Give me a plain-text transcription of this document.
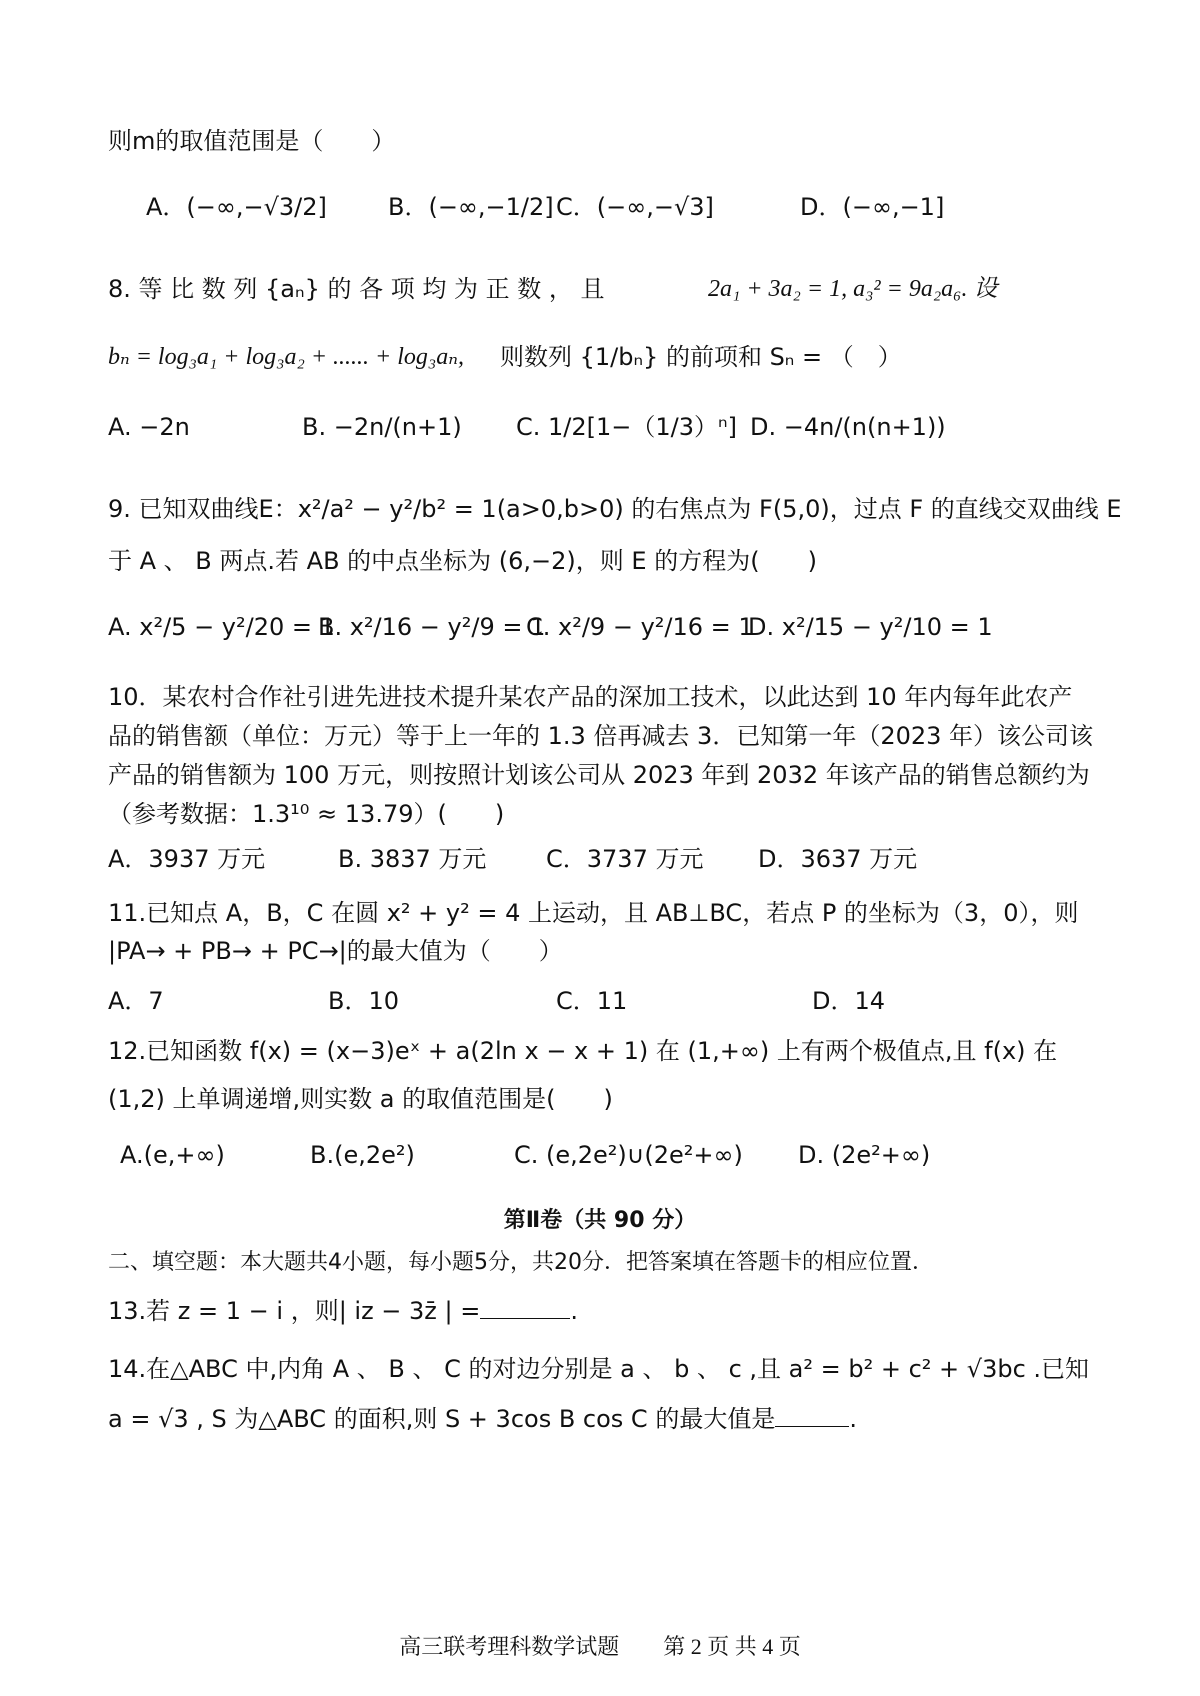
则m的取值范围是（　　）
A．(−∞,−√3/2]	B．(−∞,−1/2] C．(−∞,−√3]	D．(−∞,−1]
8. 等 比 数 列 {aₙ} 的 各 项 均 为 正 数 ， 且	2a₁ + 3a₂ = 1, a₃² = 9a₂a₆. 设
bₙ = log₃a₁ + log₃a₂ + ...... + log₃aₙ, 则数列 {1/bₙ} 的前项和 Sₙ = （　）
A. −2n	B. −2n/(n+1) C. 1/2[1−（1/3）ⁿ] D. −4n/(n(n+1))
9. 已知双曲线E：x²/a² − y²/b² = 1(a>0,b>0) 的右焦点为 F(5,0)，过点 F 的直线交双曲线 E
于 A 、 B 两点.若 AB 的中点坐标为 (6,−2)，则 E 的方程为(　　)
A. x²/5 − y²/20 = 1
B. x²/16 − y²/9 = 1
C. x²/9 − y²/16 = 1
D. x²/15 − y²/10 = 1
10．某农村合作社引进先进技术提升某农产品的深加工技术，以此达到 10 年内每年此农产
品的销售额（单位：万元）等于上一年的 1.3 倍再减去 3．已知第一年（2023 年）该公司该
产品的销售额为 100 万元，则按照计划该公司从 2023 年到 2032 年该产品的销售总额约为
（参考数据：1.3¹⁰ ≈ 13.79）(　　)
A．3937 万元	B. 3837 万元 C．3737 万元 D．3637 万元
11.已知点 A，B，C 在圆 x² + y² = 4 上运动，且 AB⊥BC，若点 P 的坐标为（3，0），则
|PA→ + PB→ + PC→|的最大值为（　　）
A．7	B．10	C．11	D．14
12.已知函数 f(x) = (x−3)eˣ + a(2ln x − x + 1) 在 (1,+∞) 上有两个极值点,且 f(x) 在
(1,2) 上单调递增,则实数 a 的取值范围是(　　)
A.(e,+∞)	B.(e,2e²)	C. (e,2e²)∪(2e²+∞) D. (2e²+∞)
第Ⅱ卷（共 90 分）
二、填空题：本大题共4小题，每小题5分，共20分．把答案填在答题卡的相应位置．
13.若 z = 1 − i ，则| iz − 3z̄ | =	.
14.在△ABC 中,内角 A 、 B 、 C 的对边分别是 a 、 b 、 c ,且 a² = b² + c² + √3bc .已知
a = √3 , S 为△ABC 的面积,则 S + 3cos B cos C 的最大值是	.
高三联考理科数学试题　　第 2 页 共 4 页
